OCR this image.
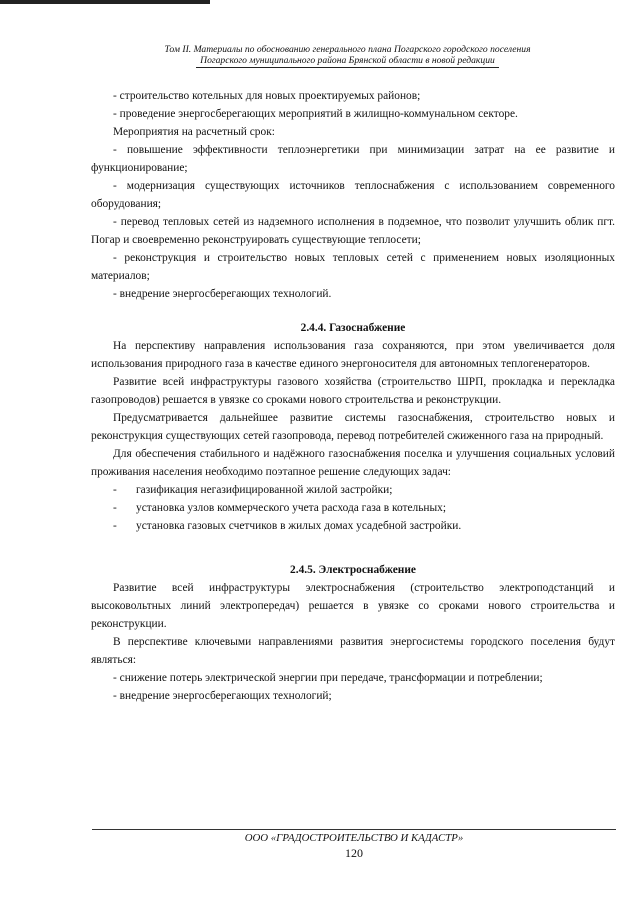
Том II. Материалы по обоснованию генерального плана Погарского городского поселения
Погарского муниципального района Брянской области в новой редакции

- строительство котельных для новых проектируемых районов;

- проведение энергосберегающих мероприятий в жилищно-коммунальном секторе.

Мероприятия на расчетный срок:

- повышение эффективности теплоэнергетики при минимизации затрат на ее развитие и функционирование;

- модернизация существующих источников теплоснабжения с использованием современного оборудования;

- перевод тепловых сетей из надземного исполнения в подземное, что позволит улучшить облик пгт. Погар и своевременно реконструировать существующие теплосети;

- реконструкция и строительство новых тепловых сетей с применением новых изоляционных материалов;

- внедрение энергосберегающих технологий.

2.4.4. Газоснабжение

На перспективу направления использования газа сохраняются, при этом увеличивается доля использования природного газа в качестве единого энергоносителя для автономных теплогенераторов.

Развитие всей инфраструктуры газового хозяйства (строительство ШРП, прокладка и перекладка газопроводов) решается в увязке со сроками нового строительства и реконструкции.

Предусматривается дальнейшее развитие системы газоснабжения, строительство новых и реконструкция существующих сетей газопровода, перевод потребителей сжиженного газа на природный.

Для обеспечения стабильного и надёжного газоснабжения поселка и улучшения социальных условий проживания населения необходимо поэтапное решение следующих задач:

- газификация негазифицированной жилой застройки;
- установка узлов коммерческого учета расхода газа в котельных;
- установка газовых счетчиков в жилых домах усадебной застройки.

2.4.5. Электроснабжение

Развитие всей инфраструктуры электроснабжения (строительство электроподстанций и высоковольтных линий электропередач) решается в увязке со сроками нового строительства и реконструкции.

В перспективе ключевыми направлениями развития энергосистемы городского поселения будут являться:

- снижение потерь электрической энергии при передаче, трансформации и потреблении;

- внедрение энергосберегающих технологий;

ООО «ГРАДОСТРОИТЕЛЬСТВО И КАДАСТР»
120
